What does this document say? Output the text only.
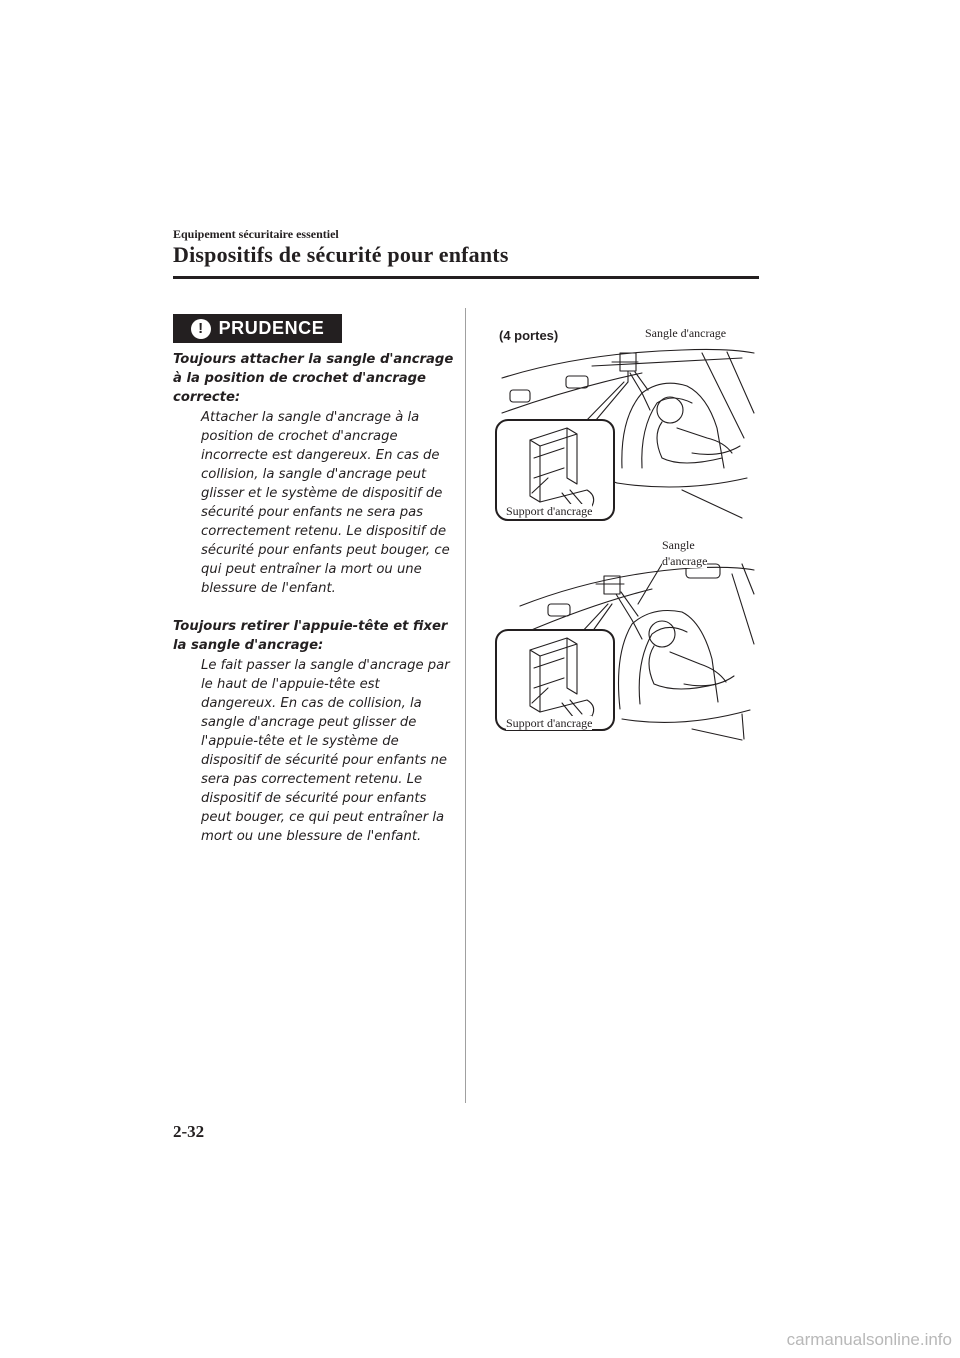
Equipement sécuritaire essentiel
Dispositifs de sécurité pour enfants
! PRUDENCE

Toujours attacher la sangle d'ancrage à la position de crochet d'ancrage correcte:

Attacher la sangle d'ancrage à la position de crochet d'ancrage incorrecte est dangereux. En cas de collision, la sangle d'ancrage peut glisser et le système de dispositif de sécurité pour enfants ne sera pas correctement retenu. Le dispositif de sécurité pour enfants peut bouger, ce qui peut entraîner la mort ou une blessure de l'enfant.

Toujours retirer l'appuie-tête et fixer la sangle d'ancrage:

Le fait passer la sangle d'ancrage par le haut de l'appuie-tête est dangereux. En cas de collision, la sangle d'ancrage peut glisser de l'appuie-tête et le système de dispositif de sécurité pour enfants ne sera pas correctement retenu. Le dispositif de sécurité pour enfants peut bouger, ce qui peut entraîner la mort ou une blessure de l'enfant.

(4 portes)	Sangle d'ancrage
Support d'ancrage
Sangle
d'ancrage
Support d'ancrage
2-32
carmanualsonline.info
